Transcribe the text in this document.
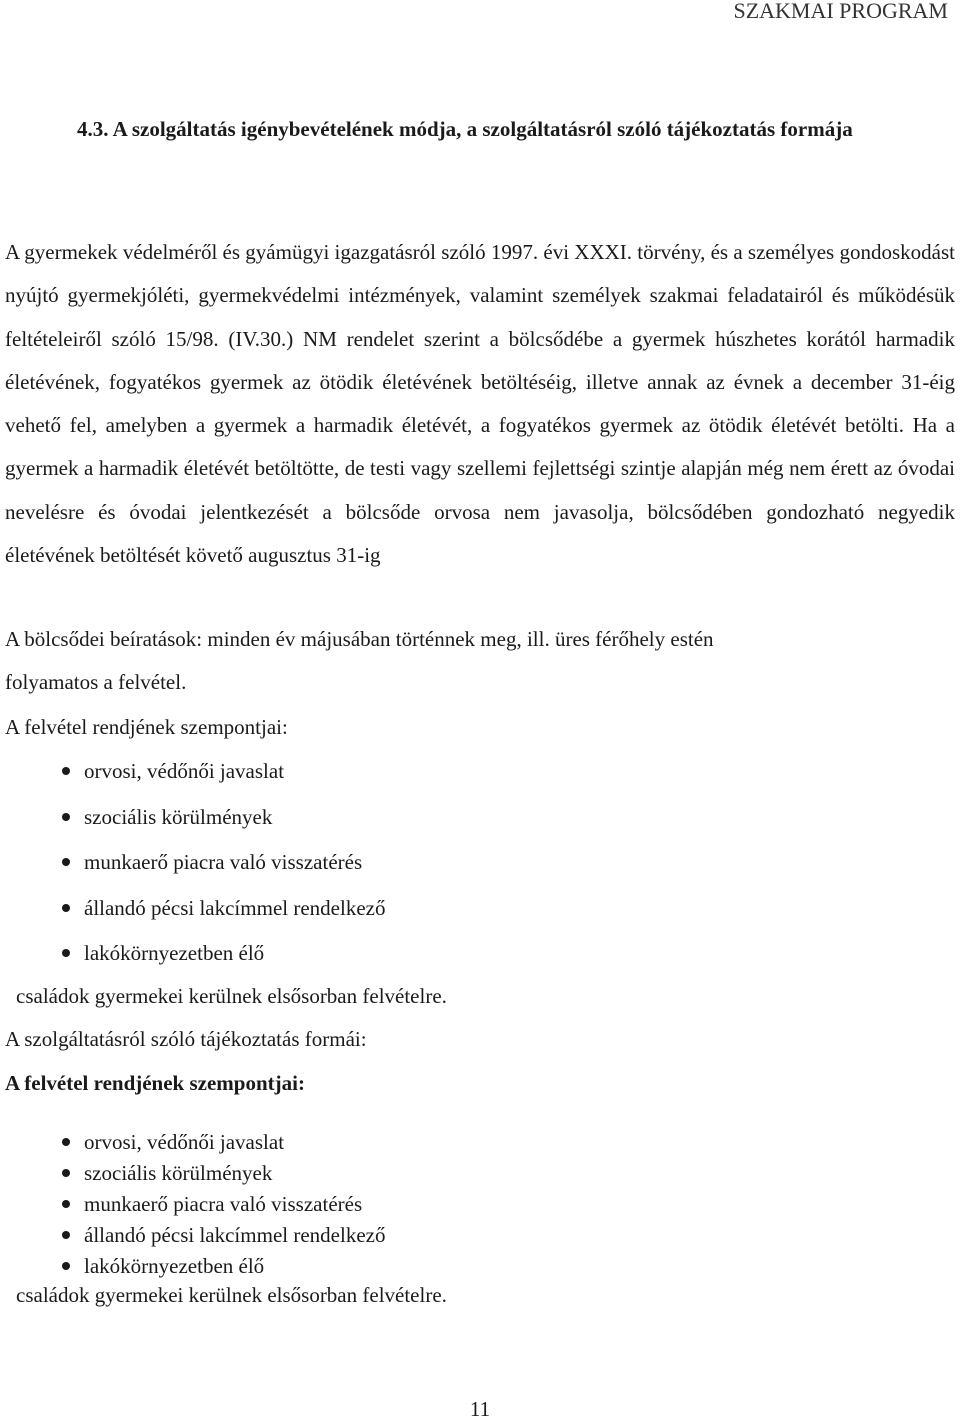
SZAKMAI PROGRAM

4.3. A szolgáltatás igénybevételének módja, a szolgáltatásról szóló tájékoztatás formája

A gyermekek védelméről és gyámügyi igazgatásról szóló 1997. évi XXXI. törvény, és a személyes gondoskodást nyújtó gyermekjóléti, gyermekvédelmi intézmények, valamint személyek szakmai feladatairól és működésük feltételeiről szóló 15/98. (IV.30.) NM rendelet szerint a bölcsődébe a gyermek húszhetes korától harmadik életévének, fogyatékos gyermek az ötödik életévének betöltéséig, illetve annak az évnek a december 31-éig vehető fel, amelyben a gyermek a harmadik életévét, a fogyatékos gyermek az ötödik életévét betölti. Ha a gyermek a harmadik életévét betöltötte, de testi vagy szellemi fejlettségi szintje alapján még nem érett az óvodai nevelésre és óvodai jelentkezését a bölcsőde orvosa nem javasolja, bölcsődében gondozható negyedik életévének betöltését követő augusztus 31-ig

A bölcsődei beíratások: minden év májusában történnek meg, ill. üres férőhely estén

folyamatos a felvétel.

A felvétel rendjének szempontjai:

orvosi, védőnői javaslat
szociális körülmények
munkaerő piacra való visszatérés
állandó pécsi lakcímmel rendelkező
lakókörnyezetben élő

családok gyermekei kerülnek elsősorban felvételre.

A szolgáltatásról szóló tájékoztatás formái:

A felvétel rendjének szempontjai:

orvosi, védőnői javaslat
szociális körülmények
munkaerő piacra való visszatérés
állandó pécsi lakcímmel rendelkező
lakókörnyezetben élő

családok gyermekei kerülnek elsősorban felvételre.

11
